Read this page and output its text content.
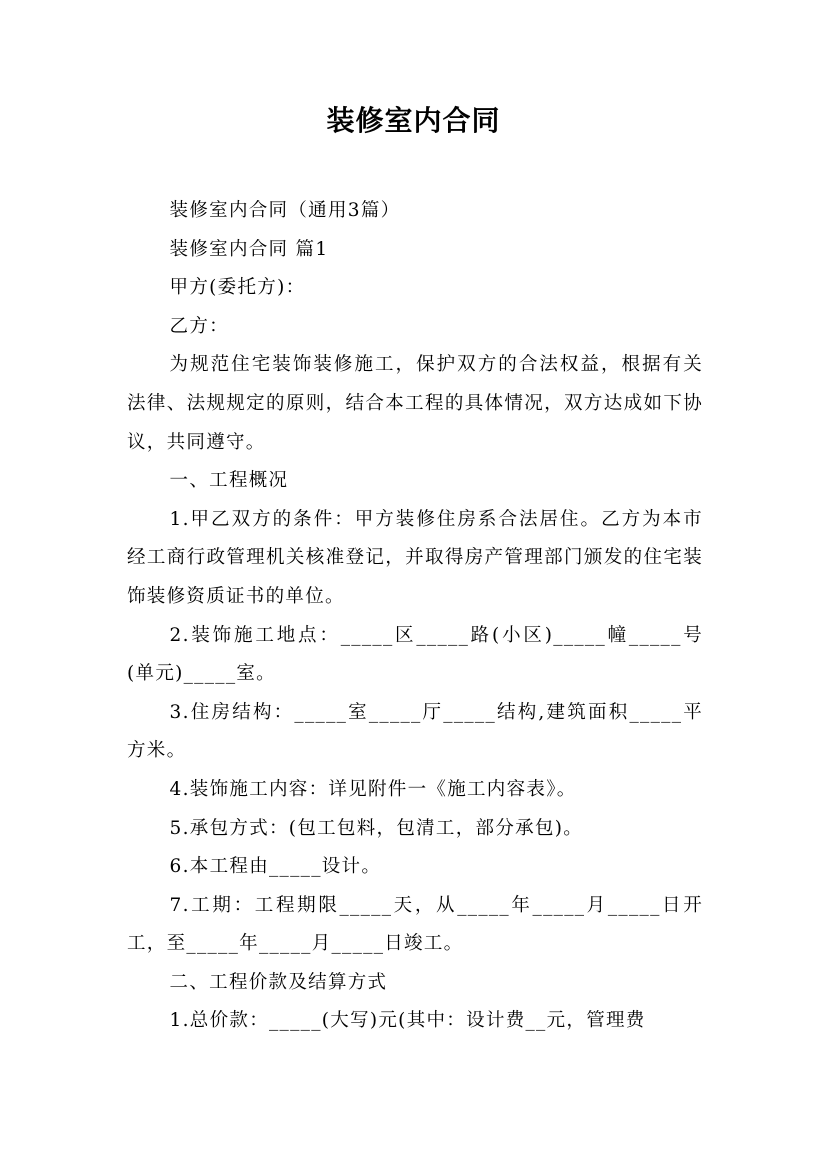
装修室内合同

装修室内合同（通用3篇）

装修室内合同 篇1

甲方(委托方)：

乙方：

为规范住宅装饰装修施工，保护双方的合法权益，根据有关法律、法规规定的原则，结合本工程的具体情况，双方达成如下协议，共同遵守。

一、工程概况

1.甲乙双方的条件：甲方装修住房系合法居住。乙方为本市经工商行政管理机关核准登记，并取得房产管理部门颁发的住宅装饰装修资质证书的单位。

2.装饰施工地点：_____区_____路(小区)_____幢_____号(单元)_____室。

3.住房结构：_____室_____厅_____结构,建筑面积_____平方米。

4.装饰施工内容：详见附件一《施工内容表》。

5.承包方式：(包工包料，包清工，部分承包)。

6.本工程由_____设计。

7.工期：工程期限_____天，从_____年_____月_____日开工，至_____年_____月_____日竣工。

二、工程价款及结算方式

1.总价款：_____(大写)元(其中：设计费__元，管理费
